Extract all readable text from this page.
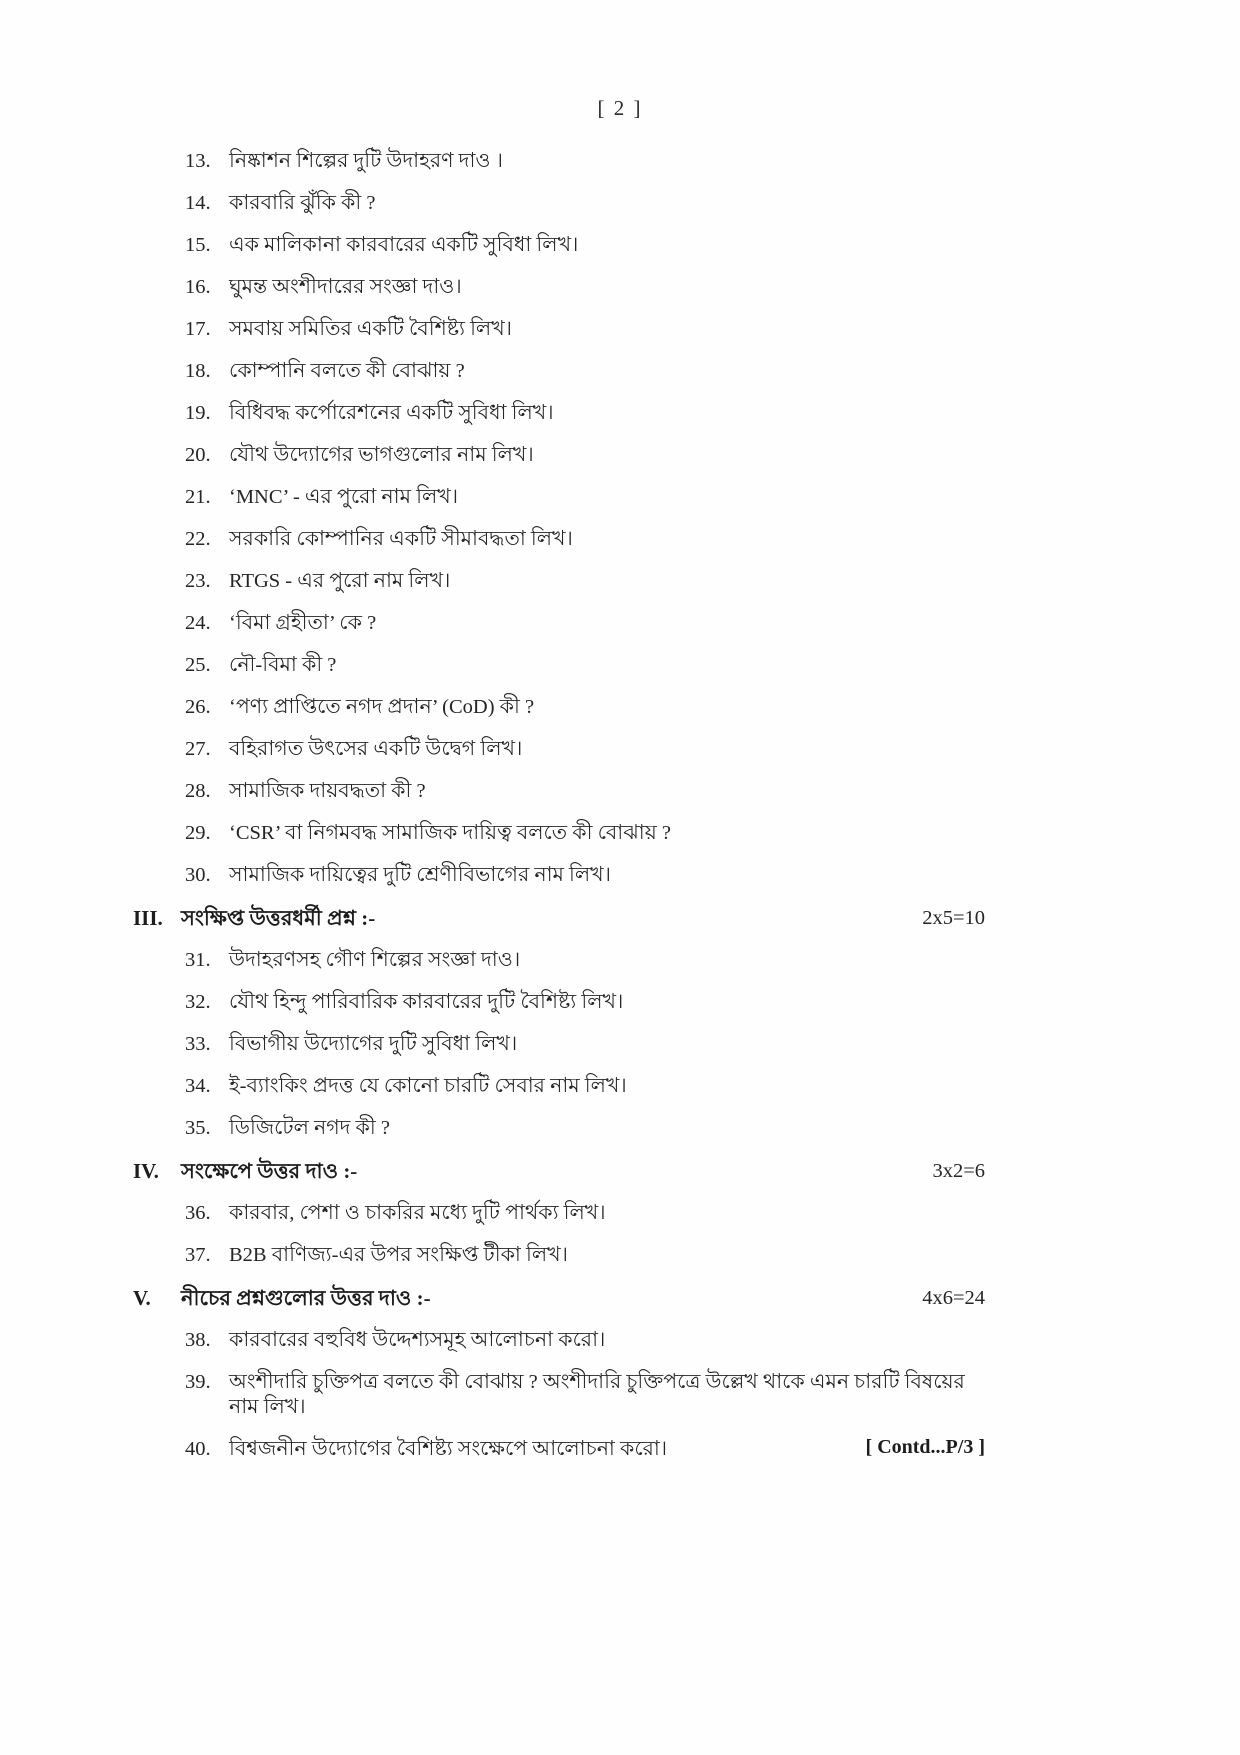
[ 2 ]
13. নিষ্কাশন শিল্পের দুটি উদাহরণ দাও ।
14. কারবারি ঝুঁকি কী ?
15. এক মালিকানা কারবারের একটি সুবিধা লিখ।
16. ঘুমন্ত অংশীদারের সংজ্ঞা দাও।
17. সমবায় সমিতির একটি বৈশিষ্ট্য লিখ।
18. কোম্পানি বলতে কী বোঝায় ?
19. বিধিবদ্ধ কর্পোরেশনের একটি সুবিধা লিখ।
20. যৌথ উদ্যোগের ভাগগুলোর নাম লিখ।
21. ‘MNC’ - এর পুরো নাম লিখ।
22. সরকারি কোম্পানির একটি সীমাবদ্ধতা লিখ।
23. RTGS - এর পুরো নাম লিখ।
24. ‘বিমা গ্রহীতা’ কে ?
25. নৌ-বিমা কী ?
26. ‘পণ্য প্রাপ্তিতে নগদ প্রদান’ (CoD) কী ?
27. বহিরাগত উৎসের একটি উদ্বেগ লিখ।
28. সামাজিক দায়বদ্ধতা কী ?
29. ‘CSR’ বা নিগমবদ্ধ সামাজিক দায়িত্ব বলতে কী বোঝায় ?
30. সামাজিক দায়িত্বের দুটি শ্রেণীবিভাগের নাম লিখ।
III. সংক্ষিপ্ত উত্তরধর্মী প্রশ্ন :-	2x5=10
31. উদাহরণসহ গৌণ শিল্পের সংজ্ঞা দাও।
32. যৌথ হিন্দু পারিবারিক কারবারের দুটি বৈশিষ্ট্য লিখ।
33. বিভাগীয় উদ্যোগের দুটি সুবিধা লিখ।
34. ই-ব্যাংকিং প্রদত্ত যে কোনো চারটি সেবার নাম লিখ।
35. ডিজিটেল নগদ কী ?
IV.	সংক্ষেপে উত্তর দাও :-	3x2=6
36. কারবার, পেশা ও চাকরির মধ্যে দুটি পার্থক্য লিখ।
37. B2B বাণিজ্য-এর উপর সংক্ষিপ্ত টীকা লিখ।
V.	নীচের প্রশ্নগুলোর উত্তর দাও :-	4x6=24
38. কারবারের বহুবিধ উদ্দেশ্যসমূহ আলোচনা করো।
39. অংশীদারি চুক্তিপত্র বলতে কী বোঝায় ? অংশীদারি চুক্তিপত্রে উল্লেখ থাকে এমন চারটি বিষয়ের নাম লিখ।
40. বিশ্বজনীন উদ্যোগের বৈশিষ্ট্য সংক্ষেপে আলোচনা করো।	[ Contd...P/3 ]
